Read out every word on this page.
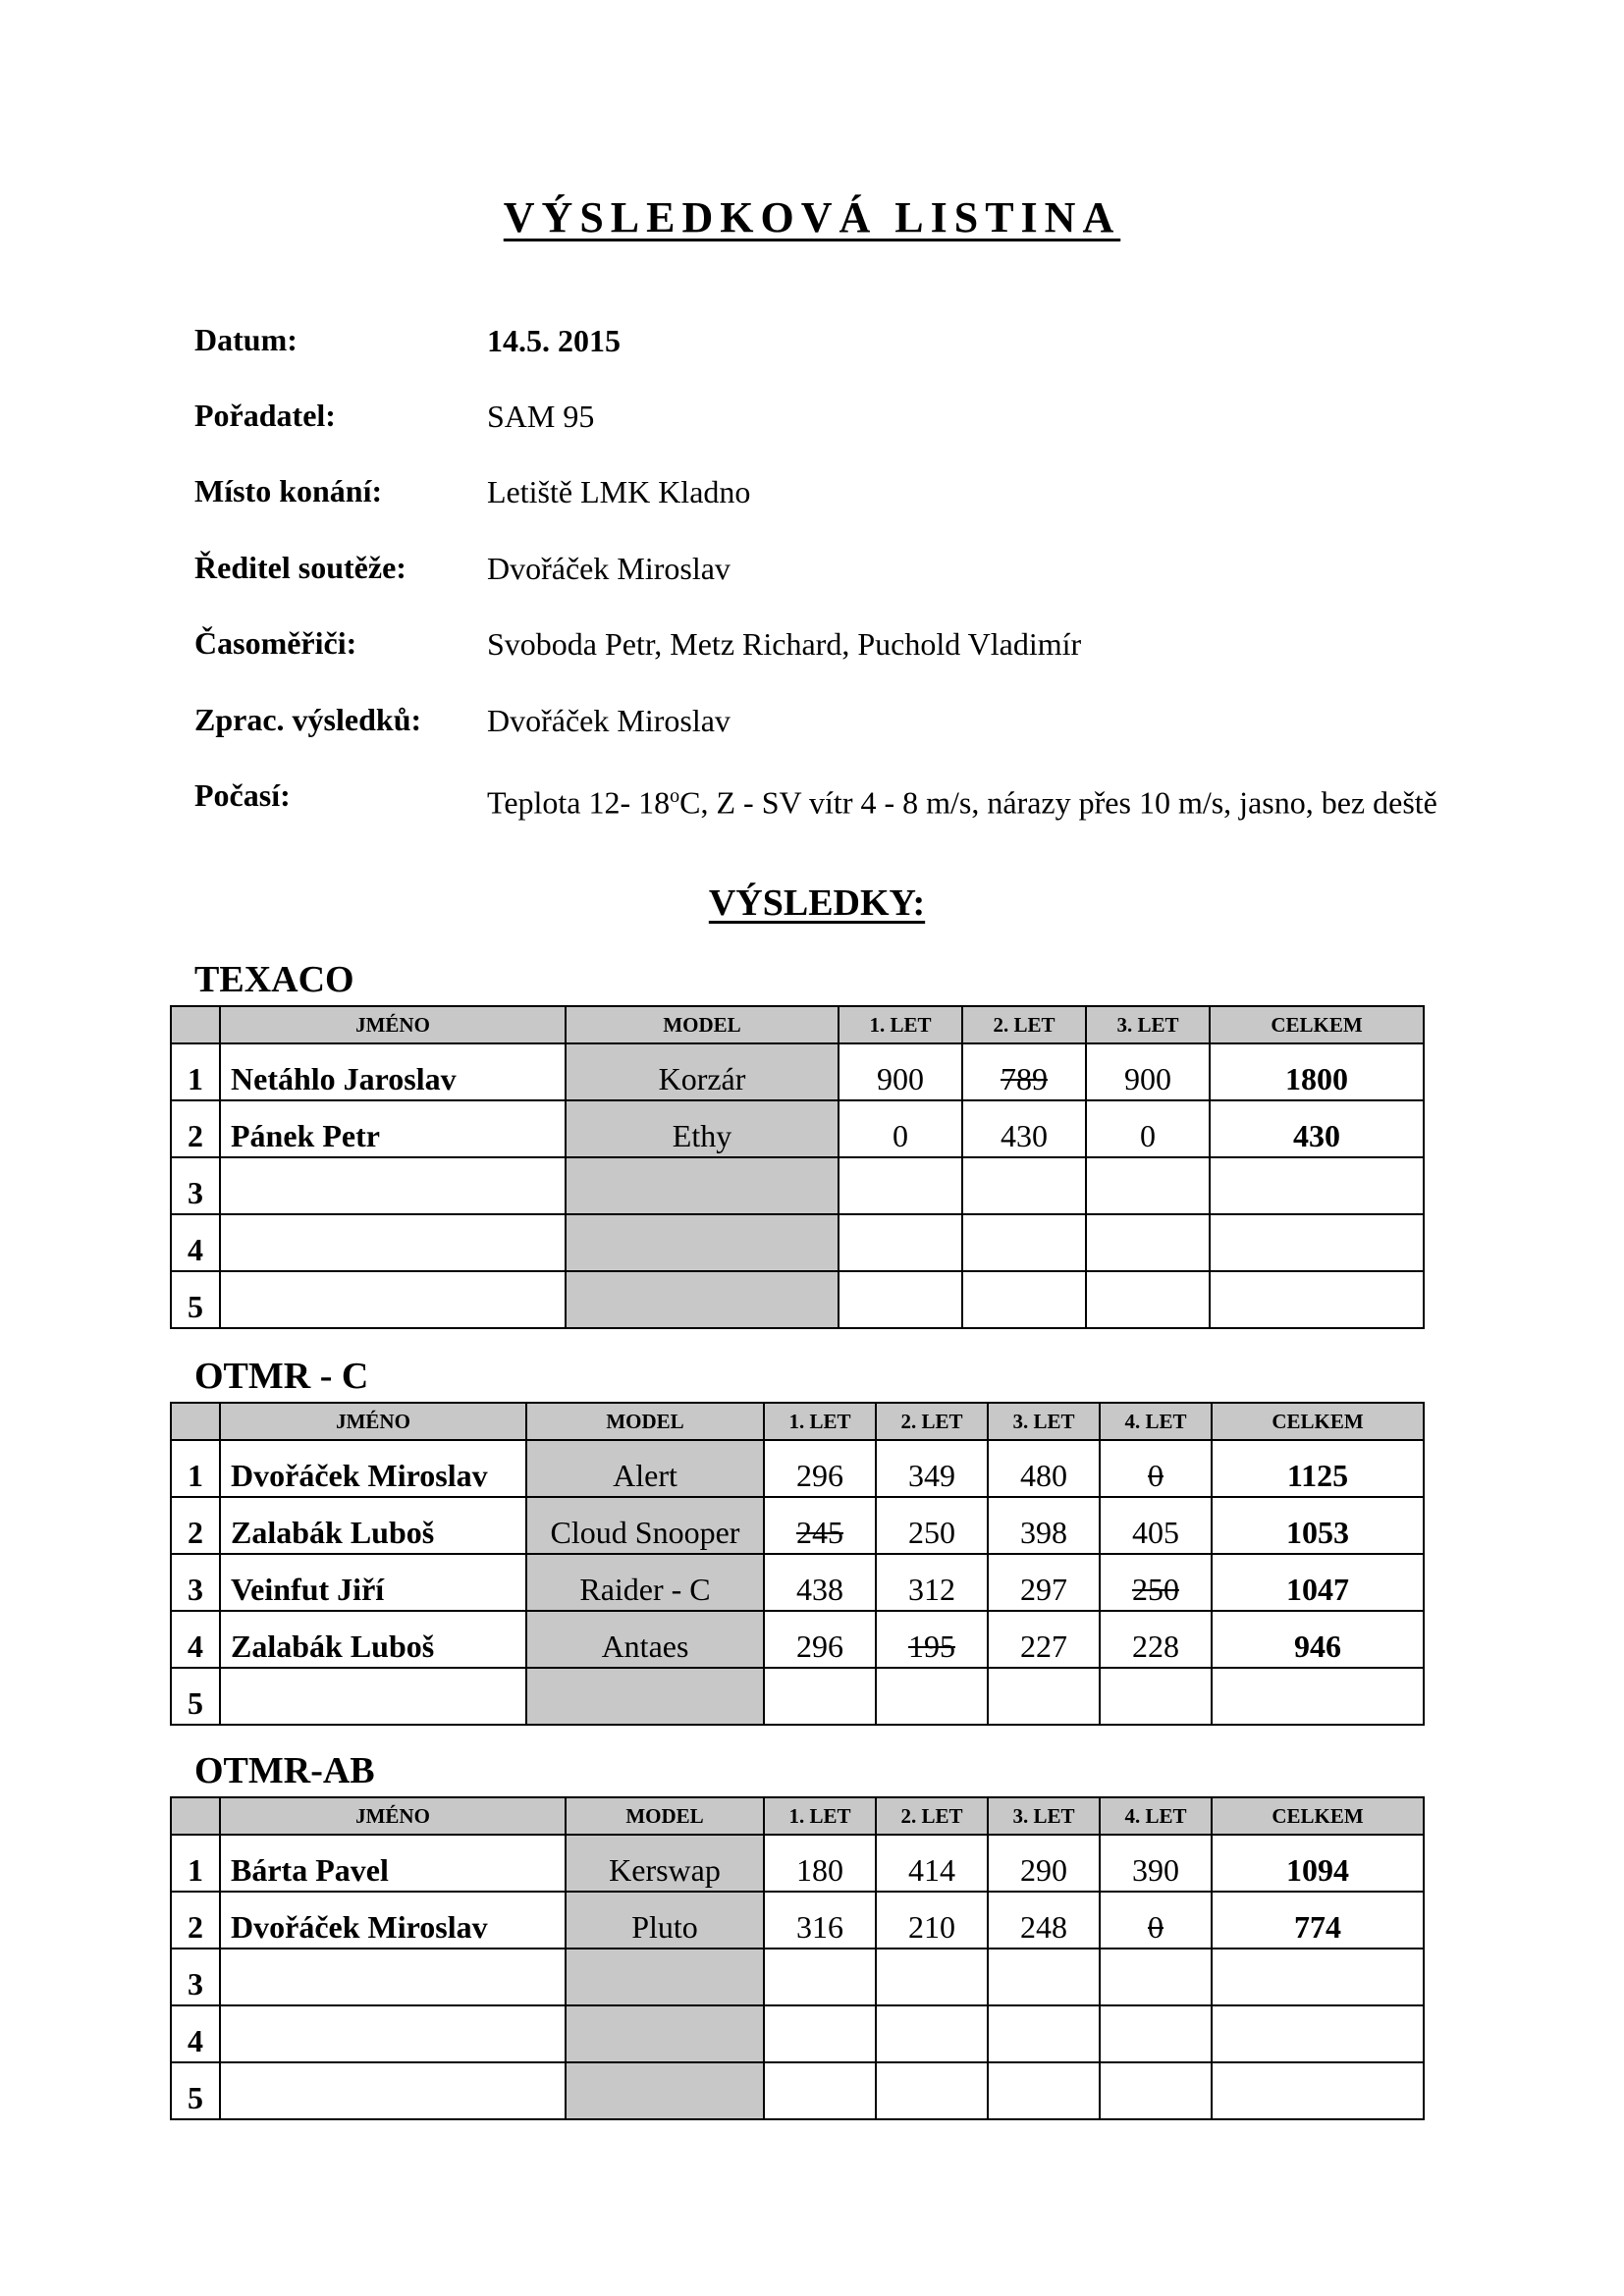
VÝSLEDKOVÁ LISTINA
Datum:	14.5. 2015
Pořadatel:	SAM 95
Místo konání:	Letiště LMK Kladno
Ředitel soutěže:	Dvořáček Miroslav
Časoměřiči:	Svoboda Petr, Metz Richard, Puchold Vladimír
Zprac. výsledků: Dvořáček Miroslav
Počasí:	Teplota 12- 18$^o$C, Z - SV vítr 4 - 8 m/s, nárazy přes 10 m/s, jasno, bez deště
VÝSLEDKY:
TEXACO
	JMÉNO	MODEL	1. LET	2. LET	3. LET	CELKEM
1	Netáhlo Jaroslav	Korzár	900	789	900	1800
2	Pánek Petr	Ethy	0	430	0	430
3						
4						
5						
OTMR - C
	JMÉNO	MODEL	1. LET	2. LET	3. LET	4. LET	CELKEM
1	Dvořáček Miroslav	Alert	296	349	480	0	1125
2	Zalabák Luboš	Cloud Snooper	245	250	398	405	1053
3	Veinfut Jiří	Raider - C	438	312	297	250	1047
4	Zalabák Luboš	Antaes	296	195	227	228	946
5							
OTMR-AB
	JMÉNO	MODEL	1. LET	2. LET	3. LET	4. LET	CELKEM
1	Bárta Pavel	Kerswap	180	414	290	390	1094
2	Dvořáček Miroslav	Pluto	316	210	248	0	774
3							
4							
5							
